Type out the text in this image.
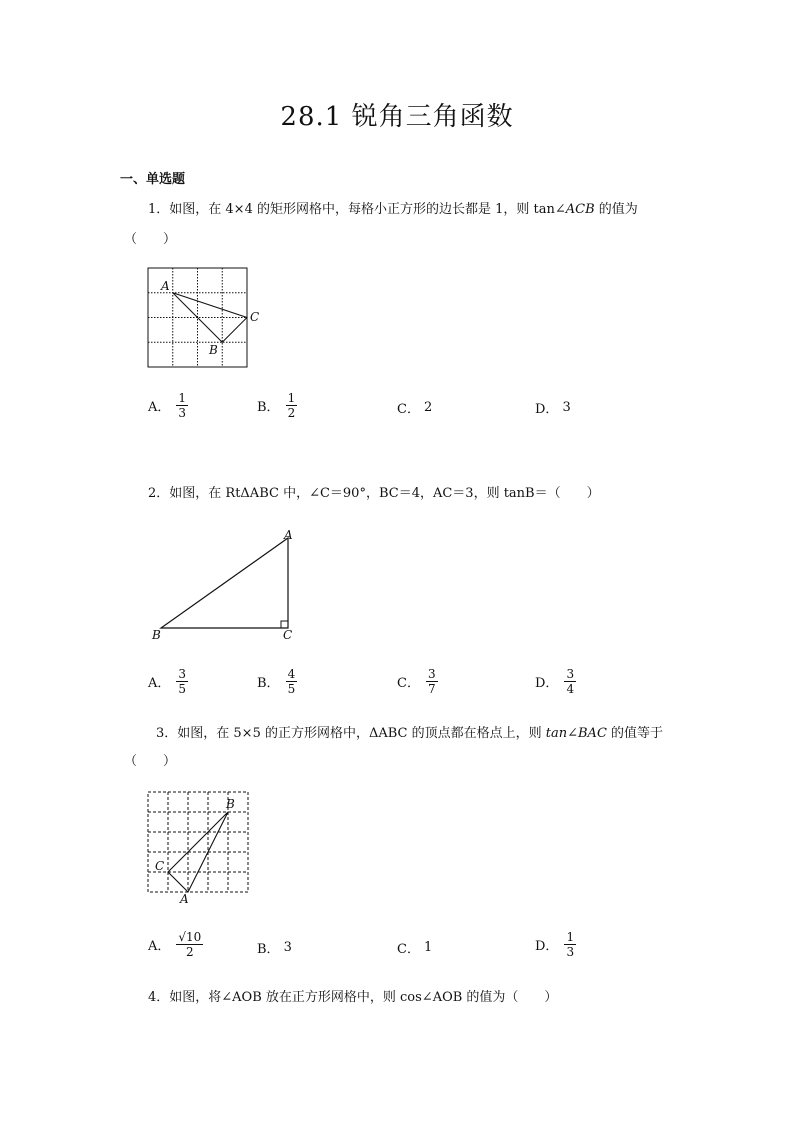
28.1 锐角三角函数
一、单选题
1．如图，在 4×4 的矩形网格中，每格小正方形的边长都是 1，则 tan∠ACB 的值为
（　　）
A
B
C
A． $\frac{1}{3}$	B． $\frac{1}{2}$	C． 2	D． 3
2．如图，在 RtΔABC 中，∠C＝90°，BC＝4，AC＝3，则 tanB＝（　　）
A
B	C
A． $\frac{3}{5}$	B． $\frac{4}{5}$	C． $\frac{3}{7}$	D． $\frac{3}{4}$
3．如图，在 5×5 的正方形网格中，ΔABC 的顶点都在格点上，则 tan∠BAC 的值等于
（　　）
B
C
A
A． $\frac{√10}{2}$	B． 3	C． 1	D． $\frac{1}{3}$
4．如图，将∠AOB 放在正方形网格中，则 cos∠AOB 的值为（　　）
